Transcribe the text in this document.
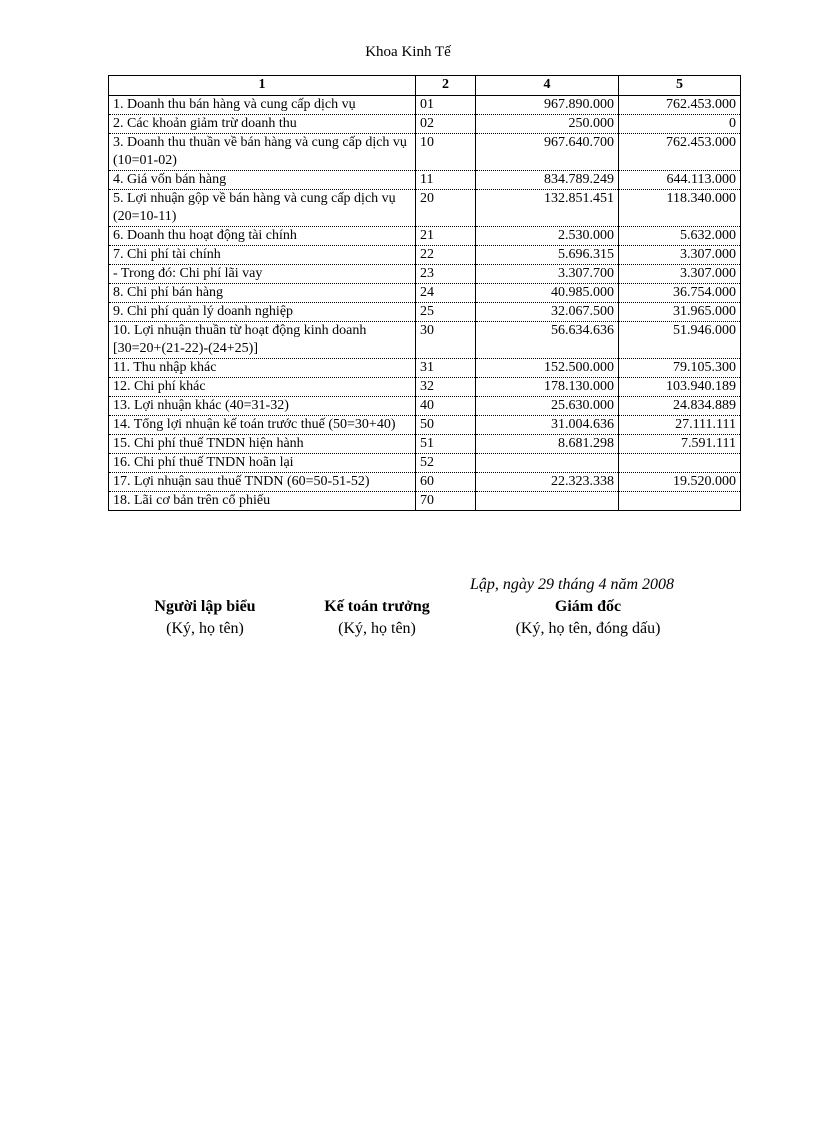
Khoa Kinh Tế
1	2	4	5
1. Doanh thu bán hàng và cung cấp dịch vụ	01	967.890.000	762.453.000
2. Các khoản giảm trừ doanh thu	02	250.000	0
3. Doanh thu thuần về bán hàng và cung cấp dịch vụ (10=01-02)	10	967.640.700	762.453.000
4. Giá vốn bán hàng	11	834.789.249	644.113.000
5. Lợi nhuận gộp về bán hàng và cung cấp dịch vụ (20=10-11)	20	132.851.451	118.340.000
6. Doanh thu hoạt động tài chính	21	2.530.000	5.632.000
7. Chi phí tài chính	22	5.696.315	3.307.000
- Trong đó: Chi phí lãi vay	23	3.307.700	3.307.000
8. Chi phí bán hàng	24	40.985.000	36.754.000
9. Chi phí quản lý doanh nghiệp	25	32.067.500	31.965.000
10. Lợi nhuận thuần từ hoạt động kinh doanh [30=20+(21-22)-(24+25)]	30	56.634.636	51.946.000
11. Thu nhập khác	31	152.500.000	79.105.300
12. Chi phí khác	32	178.130.000	103.940.189
13. Lợi nhuận khác (40=31-32)	40	25.630.000	24.834.889
14. Tổng lợi nhuận kế toán trước thuế (50=30+40)	50	31.004.636	27.111.111
15. Chi phí thuế TNDN hiện hành	51	8.681.298	7.591.111
16. Chi phí thuế TNDN hoãn lại	52		
17. Lợi nhuận sau thuế TNDN (60=50-51-52)	60	22.323.338	19.520.000
18. Lãi cơ bản trên cổ phiếu	70		
Lập, ngày 29 tháng 4 năm 2008
Người lập biểu
(Ký, họ tên)
Kế toán trưởng
(Ký, họ tên)
Giám đốc
(Ký, họ tên, đóng dấu)
